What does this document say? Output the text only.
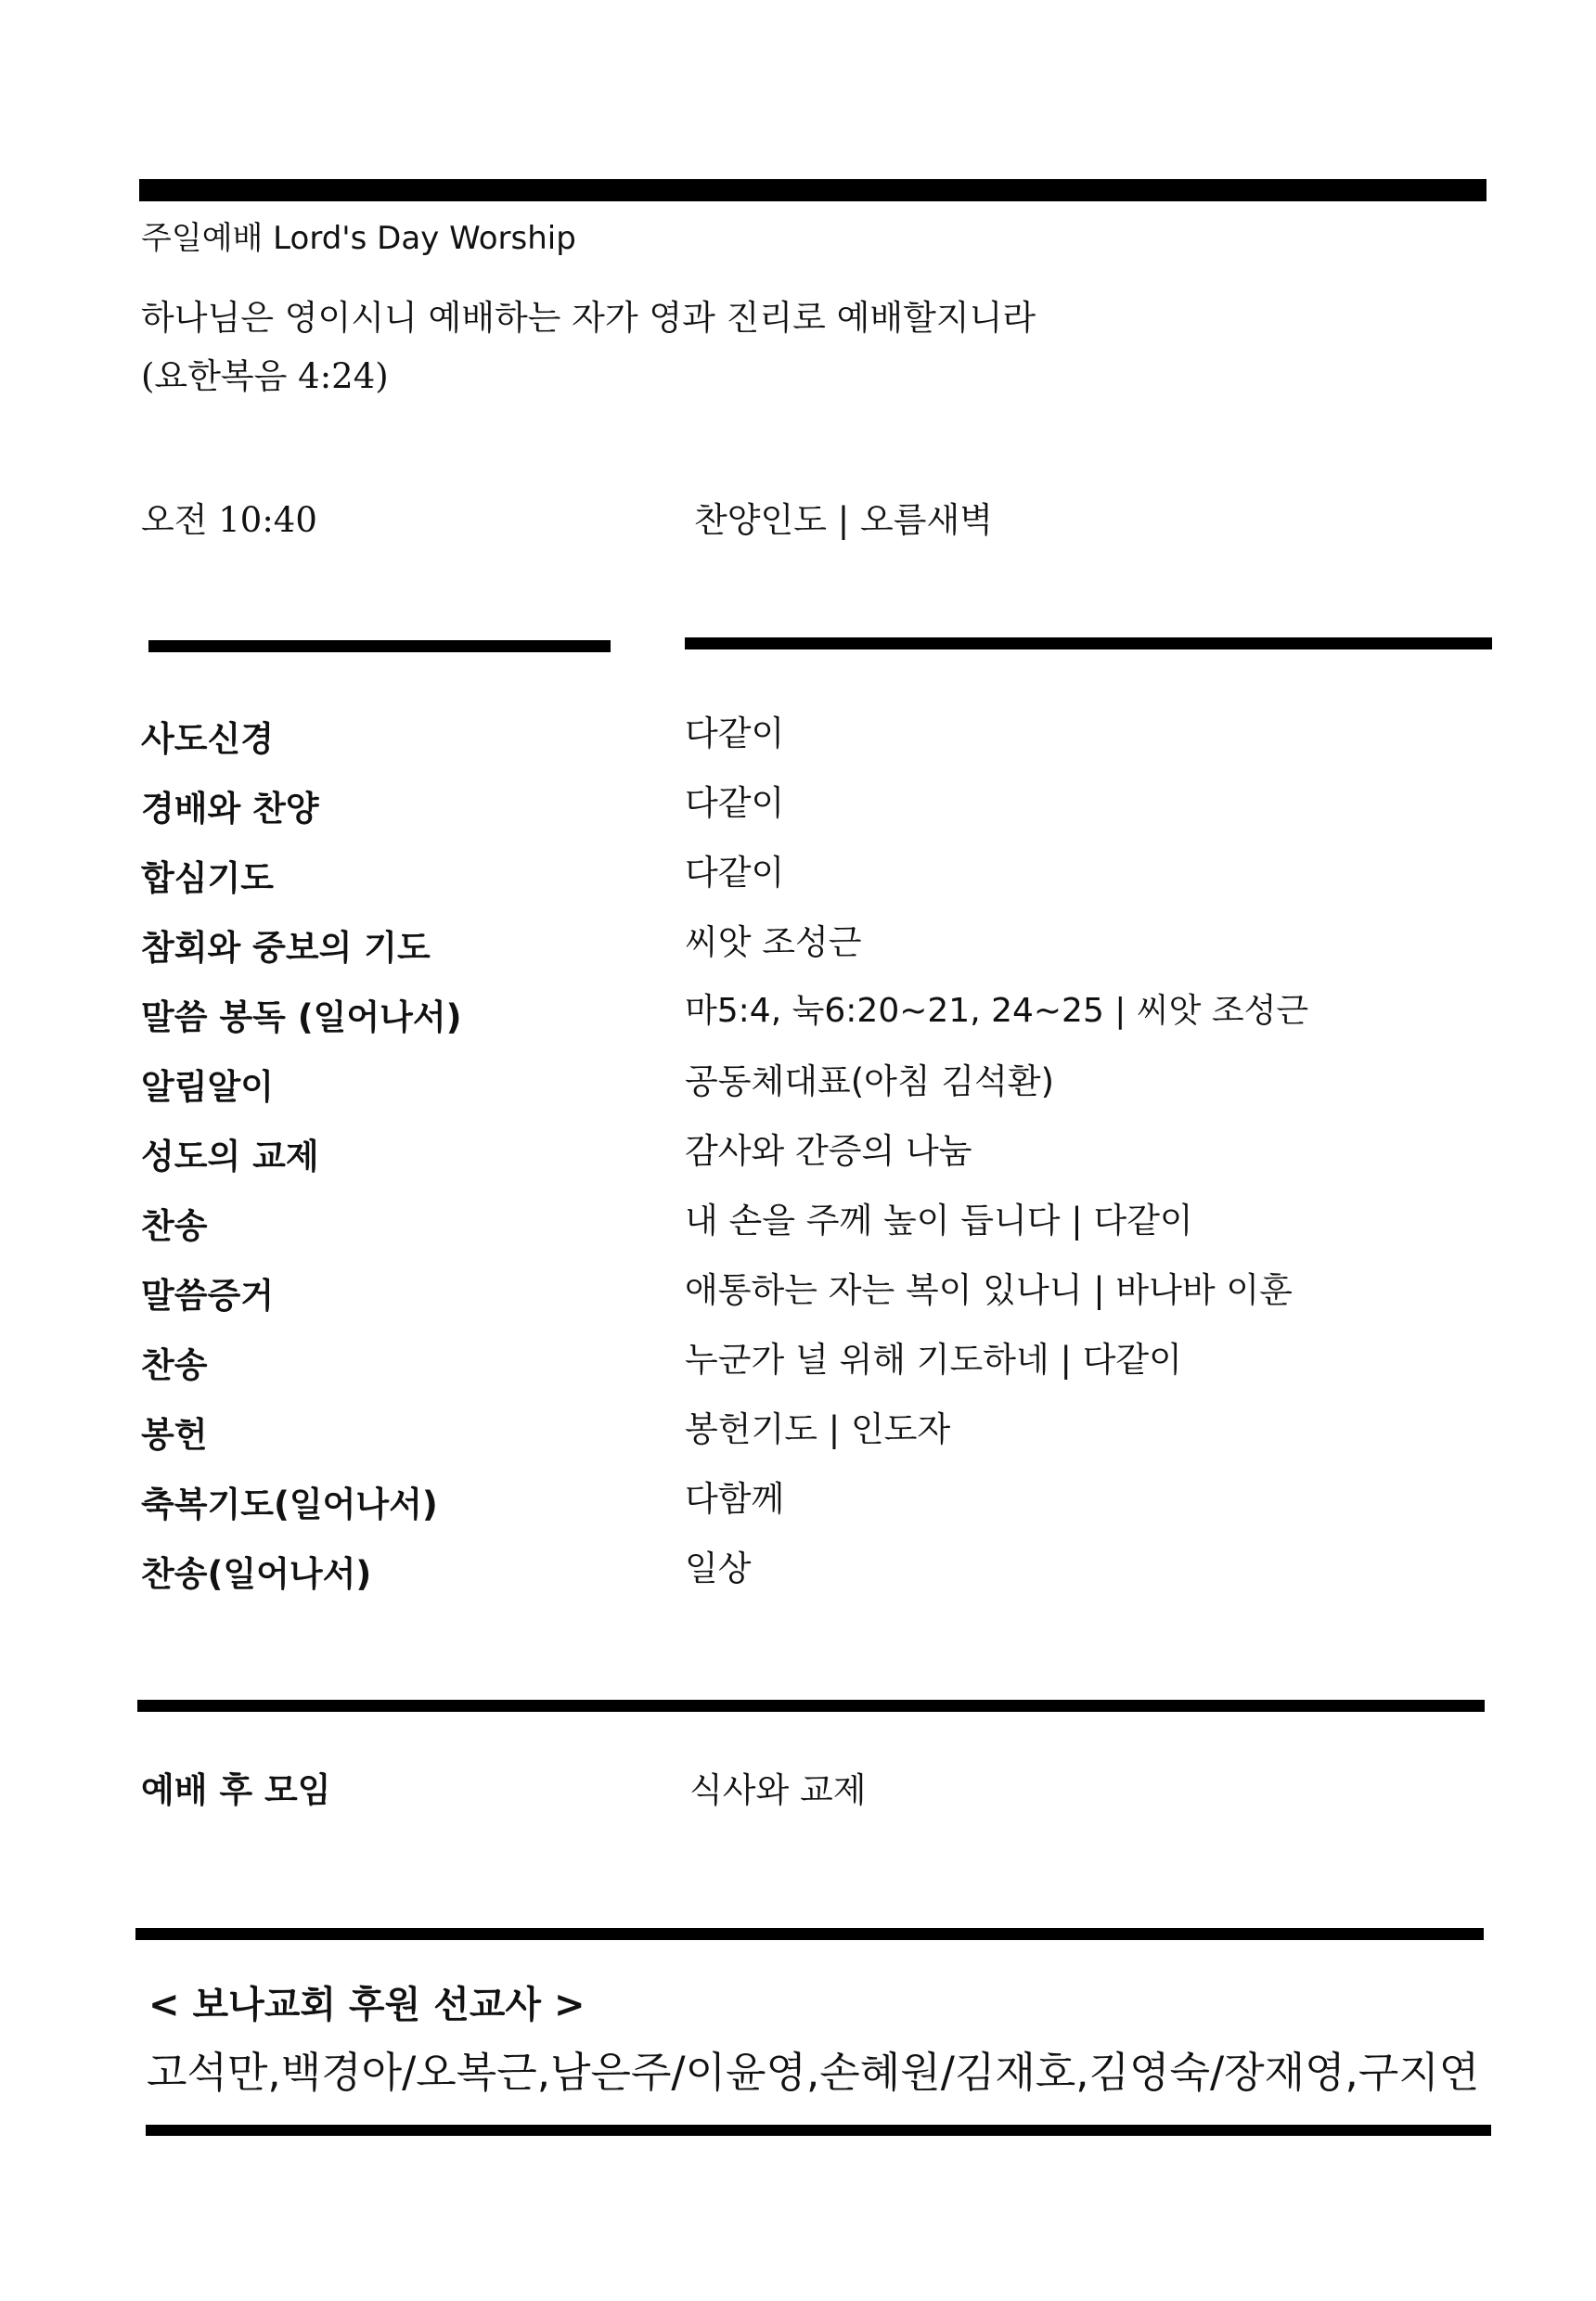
주일예배 Lord's Day Worship
하나님은 영이시니 예배하는 자가 영과 진리로 예배할지니라
(요한복음 4:24)
오전 10:40	찬양인도 | 오름새벽
사도신경	다같이
경배와 찬양	다같이
합심기도	다같이
참회와 중보의 기도	씨앗 조성근
말씀 봉독 (일어나서)	마5:4, 눅6:20~21, 24~25 | 씨앗 조성근
알림알이	공동체대표(아침 김석환)
성도의 교제	감사와 간증의 나눔
찬송	내 손을 주께 높이 듭니다 | 다같이
말씀증거	애통하는 자는 복이 있나니 | 바나바 이훈
찬송	누군가 널 위해 기도하네 | 다같이
봉헌	봉헌기도 | 인도자
축복기도(일어나서)	다함께
찬송(일어나서)	일상
예배 후 모임	식사와 교제
< 보나교회 후원 선교사 >
고석만,백경아/오복근,남은주/이윤영,손혜원/김재호,김영숙/장재영,구지연
